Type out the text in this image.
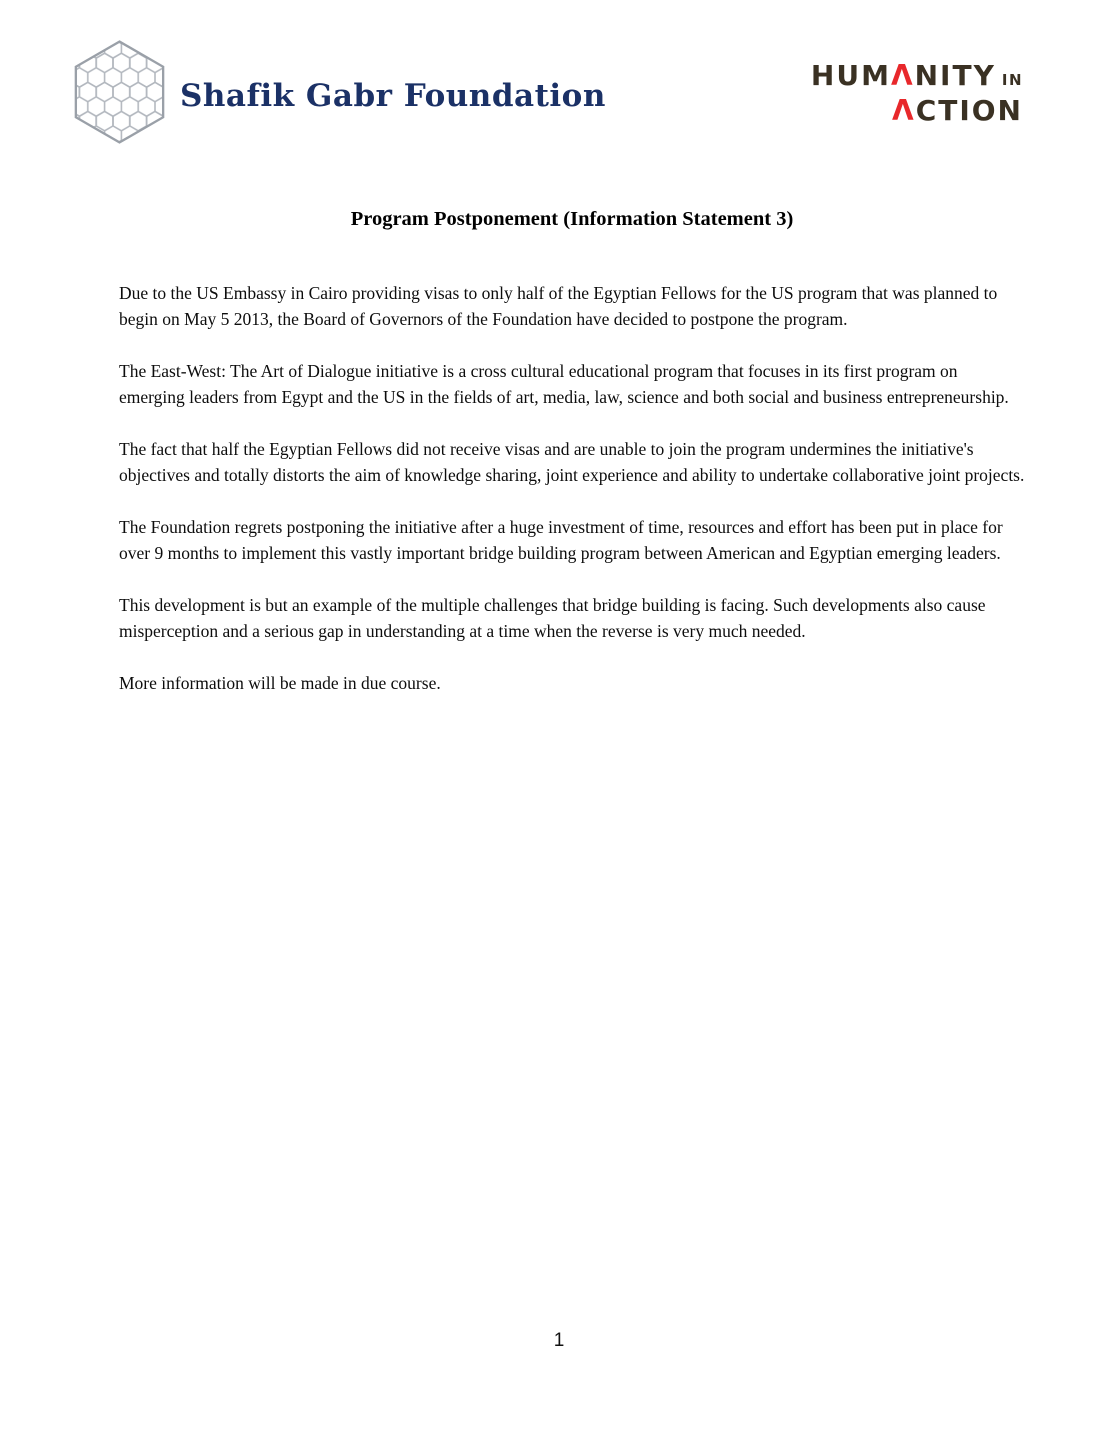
Shafik Gabr Foundation
HUMΛNITY IN
ΛCTION
Program Postponement (Information Statement 3)

Due to the US Embassy in Cairo providing visas to only half of the Egyptian Fellows for the US program that was planned to begin on May 5 2013, the Board of Governors of the Foundation have decided to postpone the program.

The East-West: The Art of Dialogue initiative is a cross cultural educational program that focuses in its first program on emerging leaders from Egypt and the US in the fields of art, media, law, science and both social and business entrepreneurship.

The fact that half the Egyptian Fellows did not receive visas and are unable to join the program undermines the initiative's objectives and totally distorts the aim of knowledge sharing, joint experience and ability to undertake collaborative joint projects.

The Foundation regrets postponing the initiative after a huge investment of time, resources and effort has been put in place for over 9 months to implement this vastly important bridge building program between American and Egyptian emerging leaders.

This development is but an example of the multiple challenges that bridge building is facing. Such developments also cause misperception and a serious gap in understanding at a time when the reverse is very much needed.

More information will be made in due course.

1
